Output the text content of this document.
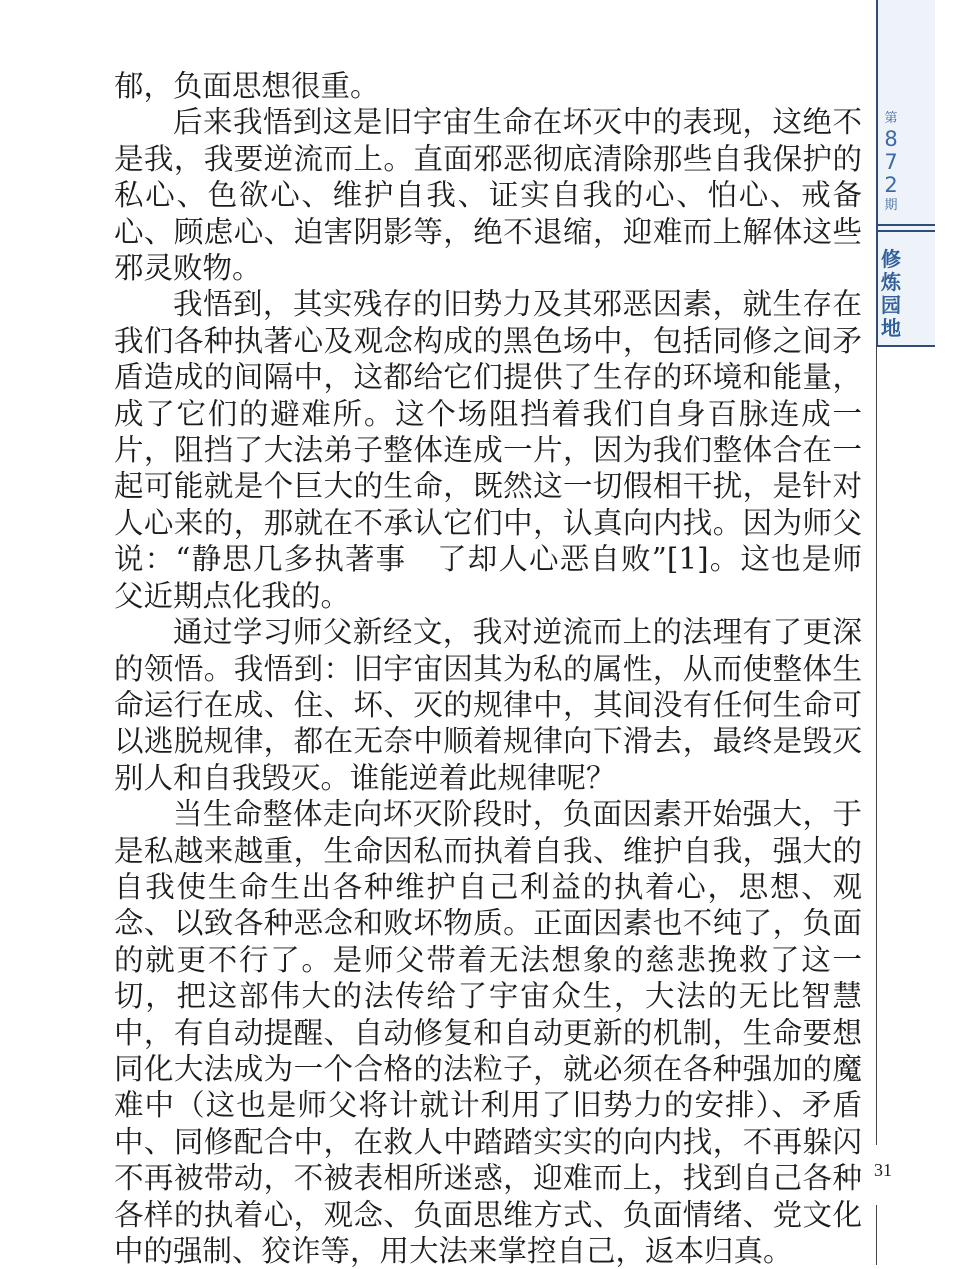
第
8
7
2
期
修
炼
园
地

郁，负面思想很重。

后来我悟到这是旧宇宙生命在坏灭中的表现，这绝不是我，我要逆流而上。直面邪恶彻底清除那些自我保护的私心、色欲心、维护自我、证实自我的心、怕心、戒备心、顾虑心、迫害阴影等，绝不退缩，迎难而上解体这些邪灵败物。

我悟到，其实残存的旧势力及其邪恶因素，就生存在我们各种执著心及观念构成的黑色场中，包括同修之间矛盾造成的间隔中，这都给它们提供了生存的环境和能量，成了它们的避难所。这个场阻挡着我们自身百脉连成一片，阻挡了大法弟子整体连成一片，因为我们整体合在一起可能就是个巨大的生命，既然这一切假相干扰，是针对人心来的，那就在不承认它们中，认真向内找。因为师父说：“静思几多执著事　了却人心恶自败”[1]。这也是师父近期点化我的。

通过学习师父新经文，我对逆流而上的法理有了更深的领悟。我悟到：旧宇宙因其为私的属性，从而使整体生命运行在成、住、坏、灭的规律中，其间没有任何生命可以逃脱规律，都在无奈中顺着规律向下滑去，最终是毁灭别人和自我毁灭。谁能逆着此规律呢？

当生命整体走向坏灭阶段时，负面因素开始强大，于是私越来越重，生命因私而执着自我、维护自我，强大的自我使生命生出各种维护自己利益的执着心，思想、观念、以致各种恶念和败坏物质。正面因素也不纯了，负面的就更不行了。是师父带着无法想象的慈悲挽救了这一切，把这部伟大的法传给了宇宙众生，大法的无比智慧中，有自动提醒、自动修复和自动更新的机制，生命要想同化大法成为一个合格的法粒子，就必须在各种强加的魔难中（这也是师父将计就计利用了旧势力的安排）、矛盾中、同修配合中，在救人中踏踏实实的向内找，不再躲闪不再被带动，不被表相所迷惑，迎难而上，找到自己各种各样的执着心，观念、负面思维方式、负面情绪、党文化中的强制、狡诈等，用大法来掌控自己，返本归真。

31
